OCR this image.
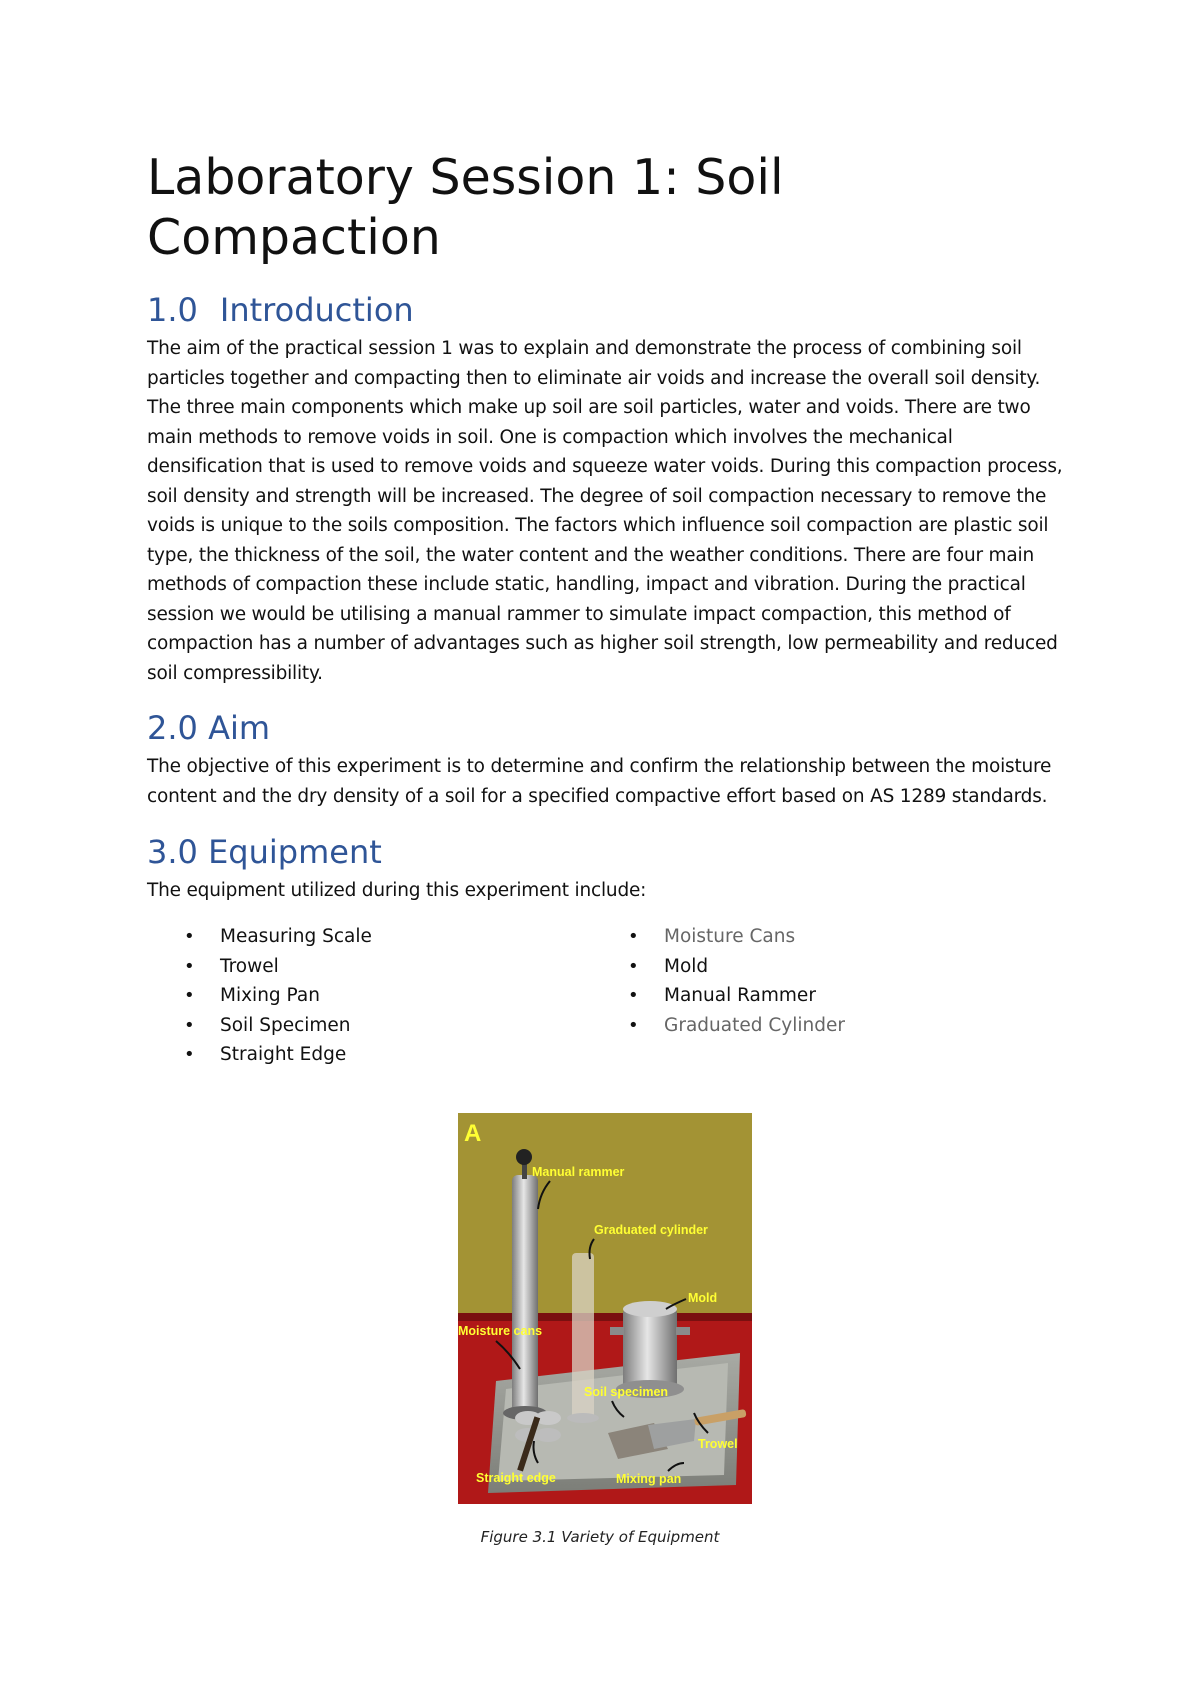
Laboratory Session 1: Soil Compaction
1.0 Introduction

The aim of the practical session 1 was to explain and demonstrate the process of combining soil particles together and compacting then to eliminate air voids and increase the overall soil density. The three main components which make up soil are soil particles, water and voids. There are two main methods to remove voids in soil. One is compaction which involves the mechanical densification that is used to remove voids and squeeze water voids. During this compaction process, soil density and strength will be increased. The degree of soil compaction necessary to remove the voids is unique to the soils composition. The factors which influence soil compaction are plastic soil type, the thickness of the soil, the water content and the weather conditions. There are four main methods of compaction these include static, handling, impact and vibration. During the practical session we would be utilising a manual rammer to simulate impact compaction, this method of compaction has a number of advantages such as higher soil strength, low permeability and reduced soil compressibility.

2.0 Aim

The objective of this experiment is to determine and confirm the relationship between the moisture content and the dry density of a soil for a specified compactive effort based on AS 1289 standards.

3.0 Equipment

The equipment utilized during this experiment include:

• Measuring Scale
• Trowel
• Mixing Pan
• Soil Specimen
• Straight Edge
• Moisture Cans
• Mold
• Manual Rammer
• Graduated Cylinder
A
Manual rammer
Graduated cylinder
Mold
Moisture cans
Soil specimen
Trowel
Straight edge	Mixing pan
Figure 3.1 Variety of Equipment
